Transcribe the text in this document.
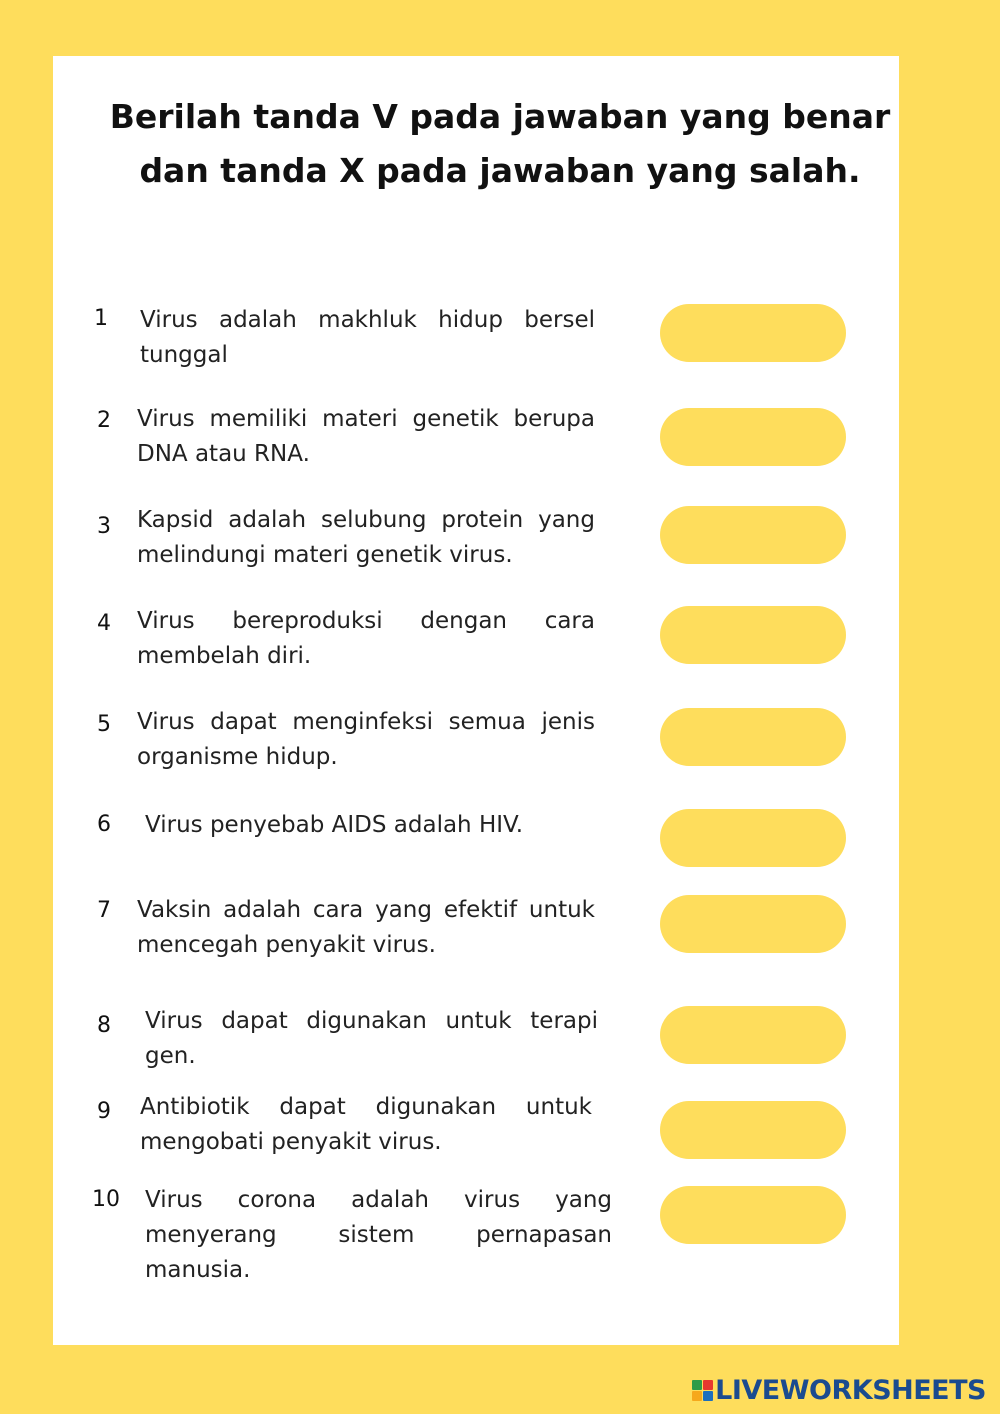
Berilah tanda V pada jawaban yang benar
dan tanda X pada jawaban yang salah.
1 Virus adalah makhluk hidup bersel tunggal
2 Virus memiliki materi genetik berupa DNA atau RNA.
3 Kapsid adalah selubung protein yang melindungi materi genetik virus.
4 Virus bereproduksi dengan cara membelah diri.
5 Virus dapat menginfeksi semua jenis organisme hidup.
6 Virus penyebab AIDS adalah HIV.
7 Vaksin adalah cara yang efektif untuk mencegah penyakit virus.
8 Virus dapat digunakan untuk terapi gen.
9 Antibiotik dapat digunakan untuk mengobati penyakit virus.
10 Virus corona adalah virus yang menyerang sistem pernapasan manusia.
LIVEWORKSHEETS
